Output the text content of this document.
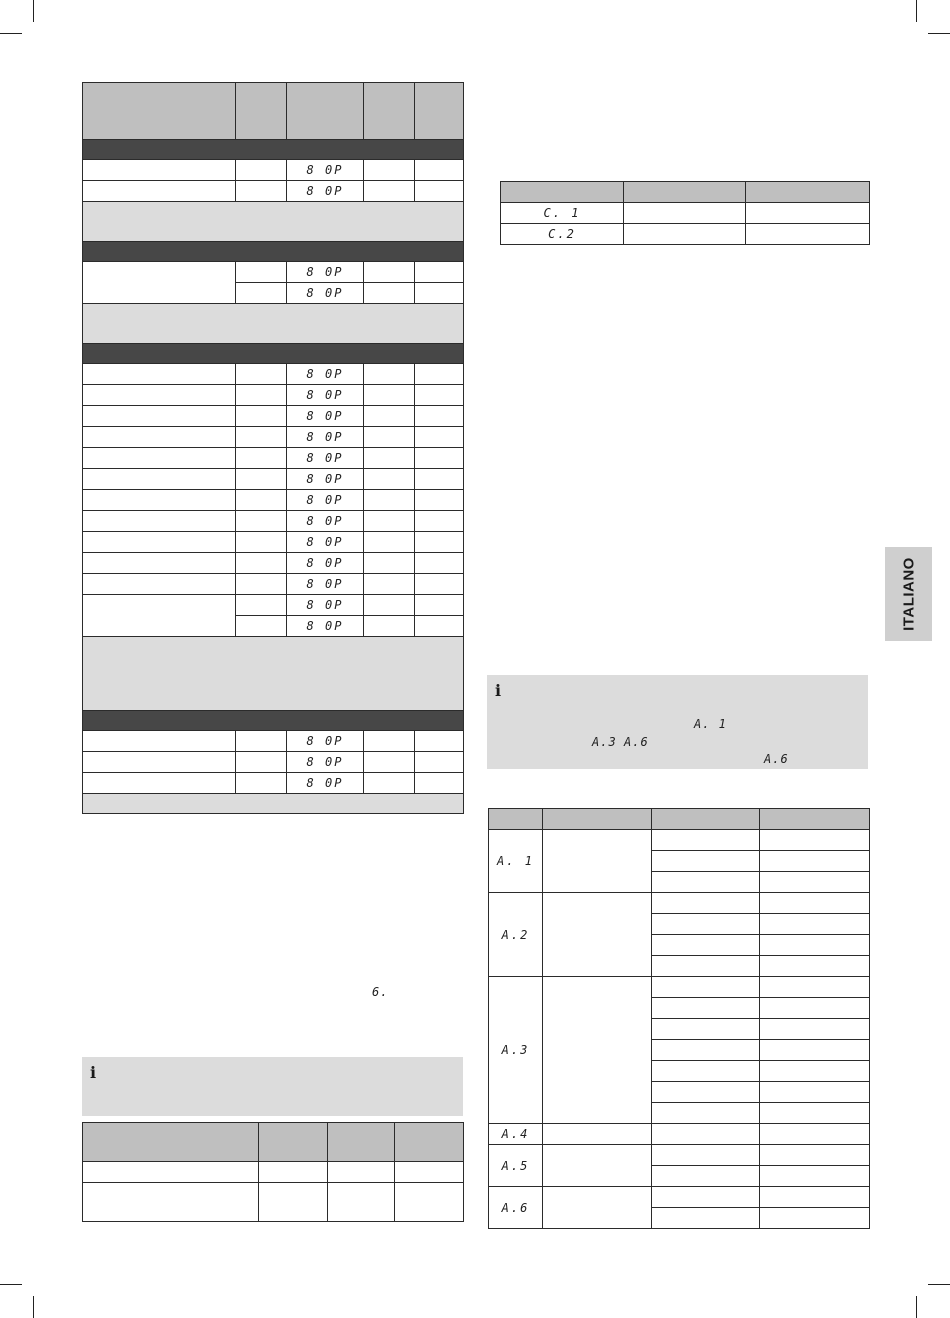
		8 0P		
		8 0P		

		8 0P		
		8 0P		

		8 0P		
		8 0P		
		8 0P		
		8 0P		
		8 0P		
		8 0P		
		8 0P		
		8 0P		
		8 0P		
		8 0P		
		8 0P		
		8 0P		
		8 0P		

		8 0P		
		8 0P		
		8 0P		

6.
i

C. 1		
C.2		
i
A. 1
A.3 A.6
A.6

A. 1			

A.2			

A.3			

A.4			
A.5			

A.6			

ITALIANO
